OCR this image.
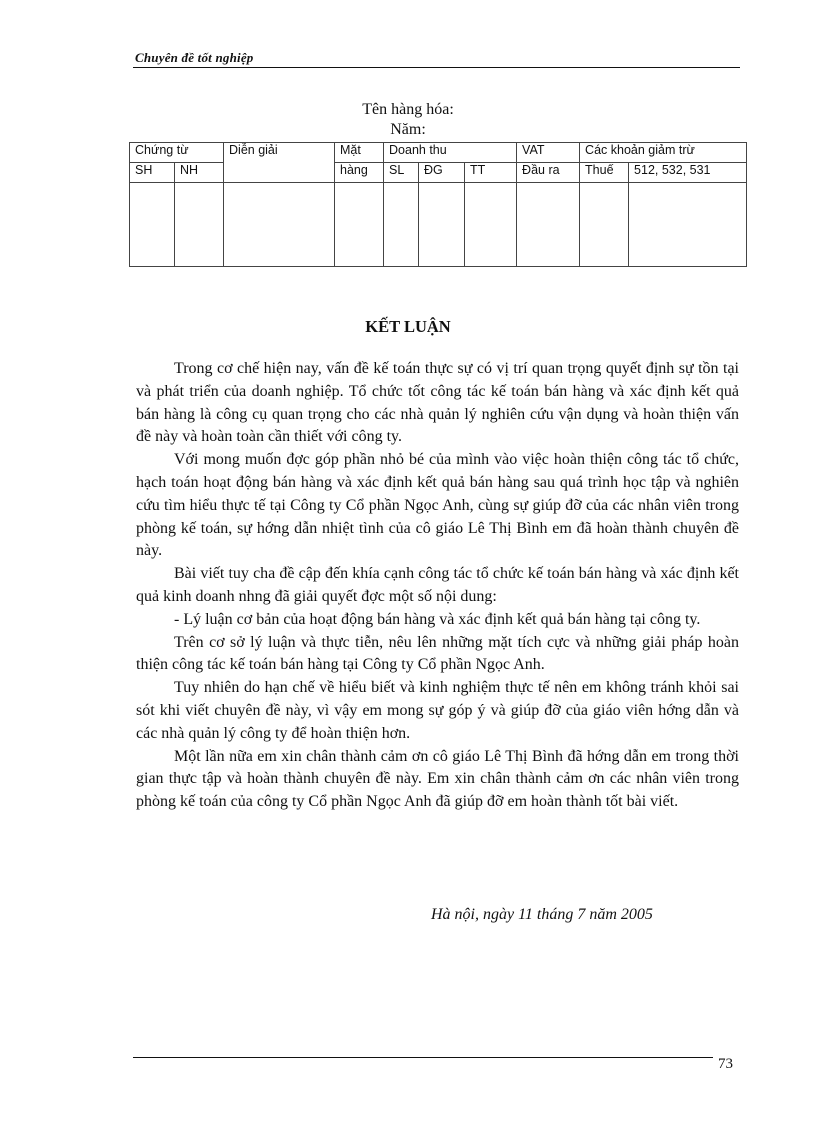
Chuyên đề tốt nghiệp
Tên hàng hóa:
Năm:
Chứng từ		Diễn giải	Mặt	Doanh thu			VAT	Các khoản giảm trừ	
SH	NH		hàng	SL	ĐG	TT	Đầu ra	Thuế	512, 532, 531

KẾT LUẬN

Trong cơ chế hiện nay, vấn đề kế toán thực sự có vị trí quan trọng quyết định sự tồn tại và phát triển của doanh nghiệp. Tổ chức tốt công tác kế toán bán hàng và xác định kết quả bán hàng là công cụ quan trọng cho các nhà quản lý nghiên cứu vận dụng và hoàn thiện vấn đề này và hoàn toàn cần thiết với công ty.

Với mong muốn đợc góp phần nhỏ bé của mình vào việc hoàn thiện công tác tổ chức, hạch toán hoạt động bán hàng và xác định kết quả bán hàng sau quá trình học tập và nghiên cứu tìm hiểu thực tế tại Công ty Cổ phần Ngọc Anh, cùng sự giúp đỡ của các nhân viên trong phòng kế toán, sự hớng dẫn nhiệt tình của cô giáo Lê Thị Bình em đã hoàn thành chuyên đề này.

Bài viết tuy cha đề cập đến khía cạnh công tác tổ chức kế toán bán hàng và xác định kết quả kinh doanh nhng đã giải quyết đợc một số nội dung:

- Lý luận cơ bản của hoạt động bán hàng và xác định kết quả bán hàng tại công ty.

Trên cơ sở lý luận và thực tiễn, nêu lên những mặt tích cực và những giải pháp hoàn thiện công tác kế toán bán hàng tại Công ty Cổ phần Ngọc Anh.

Tuy nhiên do hạn chế về hiểu biết và kinh nghiệm thực tế nên em không tránh khỏi sai sót khi viết chuyên đề này, vì vậy em mong sự góp ý và giúp đỡ của giáo viên hớng dẫn và các nhà quản lý công ty để hoàn thiện hơn.

Một lần nữa em xin chân thành cảm ơn cô giáo Lê Thị Bình đã hớng dẫn em trong thời gian thực tập và hoàn thành chuyên đề này. Em xin chân thành cảm ơn các nhân viên trong phòng kế toán của công ty Cổ phần Ngọc Anh đã giúp đỡ em hoàn thành tốt bài viết.

Hà nội, ngày 11 tháng 7 năm 2005
73
